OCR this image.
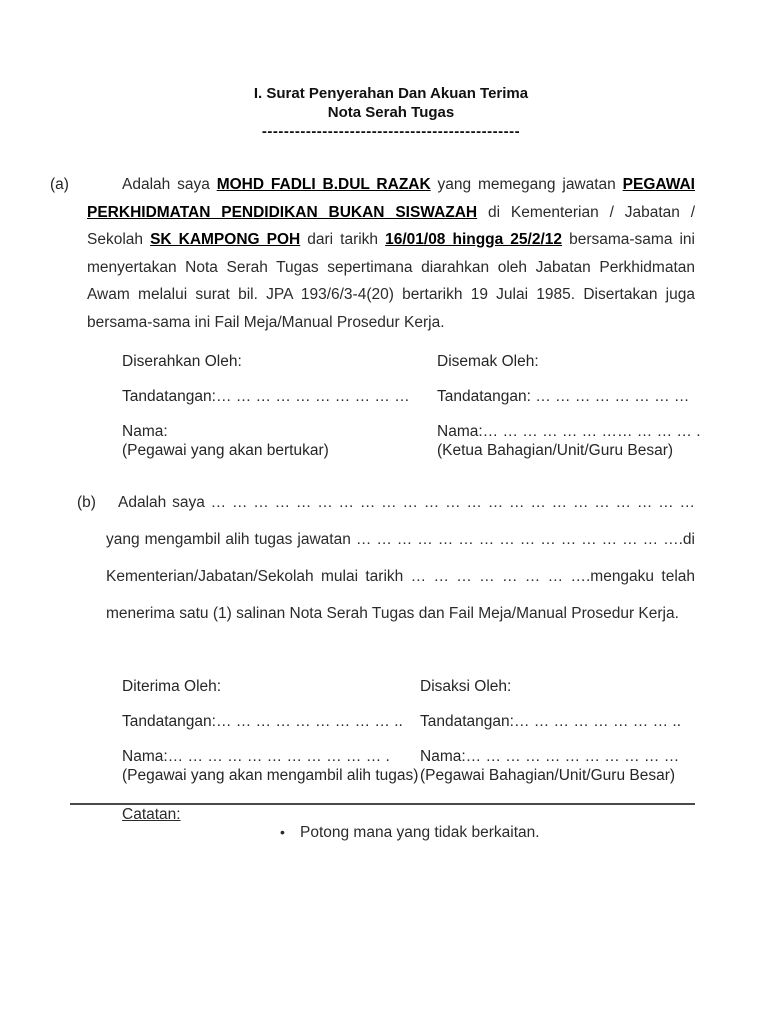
I. Surat Penyerahan Dan Akuan Terima
Nota Serah Tugas
-----------------------------------------------
(a)	Adalah saya MOHD FADLI B.DUL RAZAK yang memegang jawatan PEGAWAI PERKHIDMATAN PENDIDIKAN BUKAN SISWAZAH di Kementerian / Jabatan / Sekolah SK KAMPONG POH dari tarikh 16/01/08 hingga 25/2/12 bersama-sama ini menyertakan Nota Serah Tugas sepertimana diarahkan oleh Jabatan Perkhidmatan Awam melalui surat bil. JPA 193/6/3-4(20) bertarikh 19 Julai 1985. Disertakan juga bersama-sama ini Fail Meja/Manual Prosedur Kerja.

Diserahkan Oleh:
Tandatangan:… … … … … … … … … …
Nama:
(Pegawai yang akan bertukar)
Disemak Oleh:
Tandatangan: … … … … … … … …
Nama:… … … … … … …… … … … .
(Ketua Bahagian/Unit/Guru Besar)
(b)	Adalah saya … … … … … … … … … … … … … … … … … … … … … … … yang mengambil alih tugas jawatan … … … … … … … … … … … … … … … ….di Kementerian/Jabatan/Sekolah mulai tarikh … … … … … … … ….mengaku telah menerima satu (1) salinan Nota Serah Tugas dan Fail Meja/Manual Prosedur Kerja.

Diterima Oleh:
Tandatangan:… … … … … … … … … ..
Nama:… … … … … … … … … … … .
(Pegawai yang akan mengambil alih tugas)
Disaksi Oleh:
Tandatangan:… … … … … … … … ..
Nama:… … … … … … … … … … …
(Pegawai Bahagian/Unit/Guru Besar)
Catatan:
• Potong mana yang tidak berkaitan.
